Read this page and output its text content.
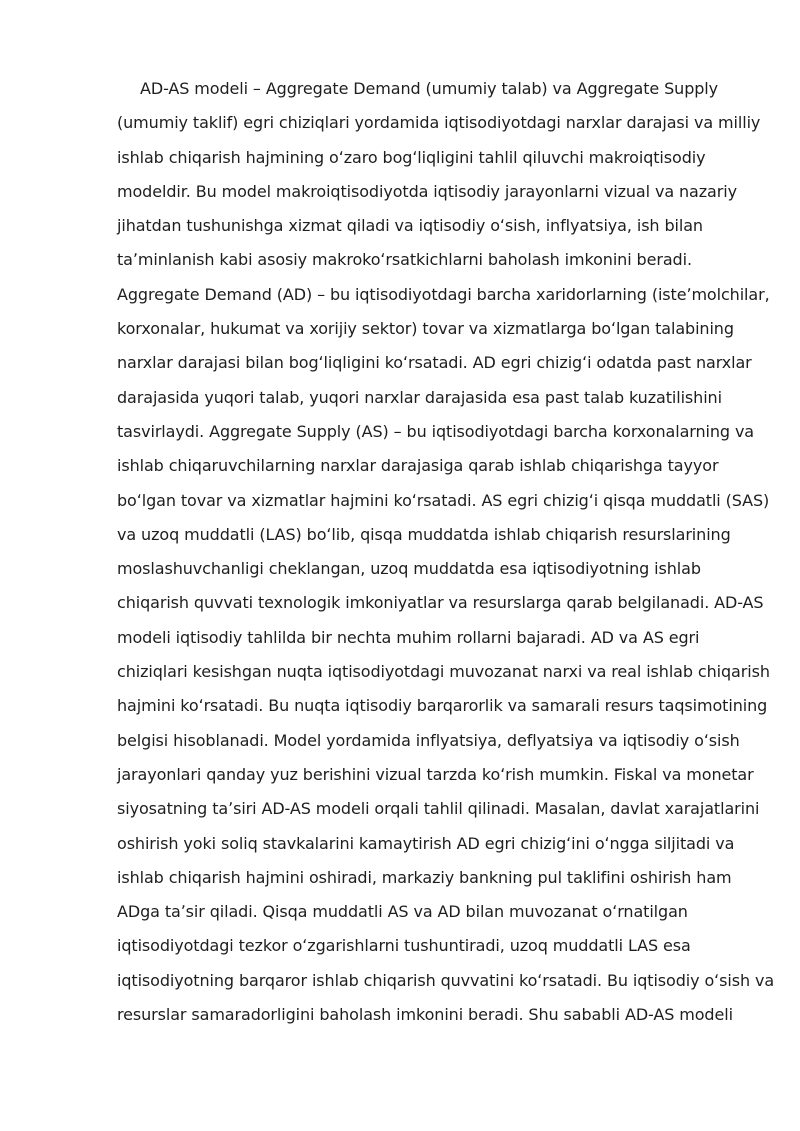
AD-AS modeli – Aggregate Demand (umumiy talab) va Aggregate Supply
(umumiy taklif) egri chiziqlari yordamida iqtisodiyotdagi narxlar darajasi va milliy
ishlab chiqarish hajmining oʻzaro bogʻliqligini tahlil qiluvchi makroiqtisodiy
modeldir. Bu model makroiqtisodiyotda iqtisodiy jarayonlarni vizual va nazariy
jihatdan tushunishga xizmat qiladi va iqtisodiy oʻsish, inflyatsiya, ish bilan
taʼminlanish kabi asosiy makrokoʻrsatkichlarni baholash imkonini beradi.
Aggregate Demand (AD) – bu iqtisodiyotdagi barcha xaridorlarning (isteʼmolchilar,
korxonalar, hukumat va xorijiy sektor) tovar va xizmatlarga boʻlgan talabining
narxlar darajasi bilan bogʻliqligini koʻrsatadi. AD egri chizigʻi odatda past narxlar
darajasida yuqori talab, yuqori narxlar darajasida esa past talab kuzatilishini
tasvirlaydi. Aggregate Supply (AS) – bu iqtisodiyotdagi barcha korxonalarning va
ishlab chiqaruvchilarning narxlar darajasiga qarab ishlab chiqarishga tayyor
boʻlgan tovar va xizmatlar hajmini koʻrsatadi. AS egri chizigʻi qisqa muddatli (SAS)
va uzoq muddatli (LAS) boʻlib, qisqa muddatda ishlab chiqarish resurslarining
moslashuvchanligi cheklangan, uzoq muddatda esa iqtisodiyotning ishlab
chiqarish quvvati texnologik imkoniyatlar va resurslarga qarab belgilanadi. AD-AS
modeli iqtisodiy tahlilda bir nechta muhim rollarni bajaradi. AD va AS egri
chiziqlari kesishgan nuqta iqtisodiyotdagi muvozanat narxi va real ishlab chiqarish
hajmini koʻrsatadi. Bu nuqta iqtisodiy barqarorlik va samarali resurs taqsimotining
belgisi hisoblanadi. Model yordamida inflyatsiya, deflyatsiya va iqtisodiy oʻsish
jarayonlari qanday yuz berishini vizual tarzda koʻrish mumkin. Fiskal va monetar
siyosatning taʼsiri AD-AS modeli orqali tahlil qilinadi. Masalan, davlat xarajatlarini
oshirish yoki soliq stavkalarini kamaytirish AD egri chizigʻini oʻngga siljitadi va
ishlab chiqarish hajmini oshiradi, markaziy bankning pul taklifini oshirish ham
ADga taʼsir qiladi. Qisqa muddatli AS va AD bilan muvozanat oʻrnatilgan
iqtisodiyotdagi tezkor oʻzgarishlarni tushuntiradi, uzoq muddatli LAS esa
iqtisodiyotning barqaror ishlab chiqarish quvvatini koʻrsatadi. Bu iqtisodiy oʻsish va
resurslar samaradorligini baholash imkonini beradi. Shu sababli AD-AS modeli
